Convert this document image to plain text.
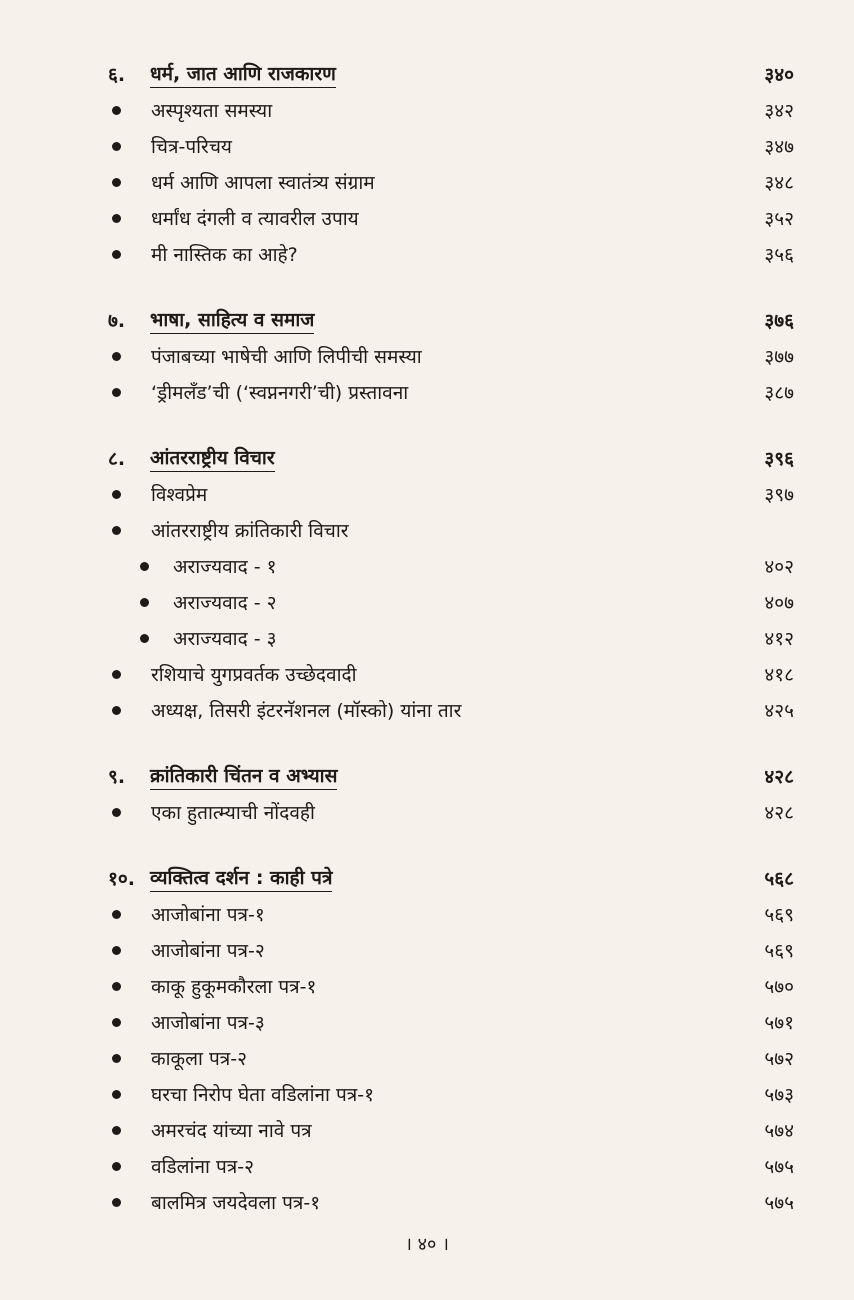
६.	धर्म, जात आणि राजकारण	३४०
अस्पृश्यता समस्या	३४२
चित्र-परिचय	३४७
धर्म आणि आपला स्वातंत्र्य संग्राम	३४८
धर्मांध दंगली व त्यावरील उपाय	३५२
मी नास्तिक का आहे?	३५६
७.	भाषा, साहित्य व समाज	३७६
पंजाबच्या भाषेची आणि लिपीची समस्या	३७७
‘ड्रीमलँड’ची (‘स्वप्ननगरी’ची) प्रस्तावना	३८७
८.	आंतरराष्ट्रीय विचार	३९६
विश्वप्रेम	३९७
आंतरराष्ट्रीय क्रांतिकारी विचार
अराज्यवाद - १	४०२
अराज्यवाद - २	४०७
अराज्यवाद - ३	४१२
रशियाचे युगप्रवर्तक उच्छेदवादी	४१८
अध्यक्ष, तिसरी इंटरनॅशनल (मॉस्को) यांना तार	४२५
९.	क्रांतिकारी चिंतन व अभ्यास	४२८
एका हुतात्म्याची नोंदवही	४२८
१०. व्यक्तित्व दर्शन : काही पत्रे	५६८
आजोबांना पत्र-१	५६९
आजोबांना पत्र-२	५६९
काकू हुकूमकौरला पत्र-१	५७०
आजोबांना पत्र-३	५७१
काकूला पत्र-२	५७२
घरचा निरोप घेता वडिलांना पत्र-१	५७३
अमरचंद यांच्या नावे पत्र	५७४
वडिलांना पत्र-२	५७५
बालमित्र जयदेवला पत्र-१	५७५
। ४० ।
